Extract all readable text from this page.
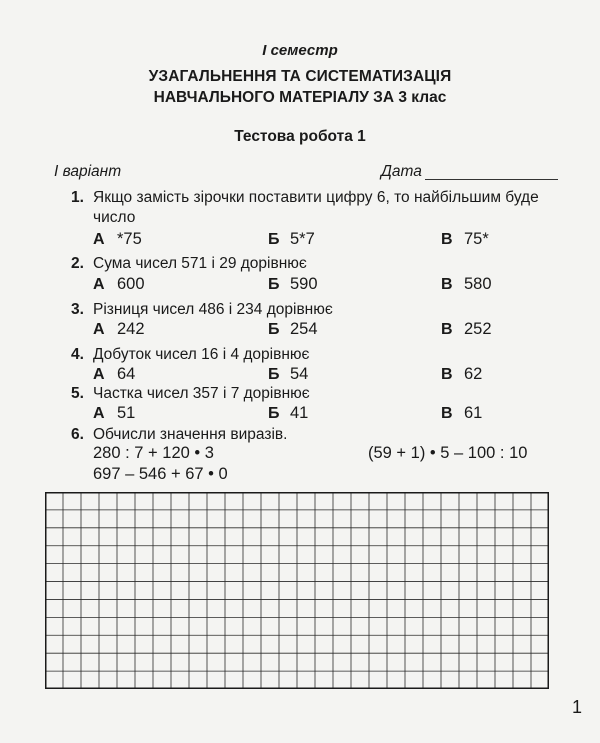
І семестр
УЗАГАЛЬНЕННЯ ТА СИСТЕМАТИЗАЦІЯ
НАВЧАЛЬНОГО МАТЕРІАЛУ ЗА 3 клас
Тестова робота 1
І варіант	Дата
1. Якщо замість зірочки поставити цифру 6, то найбільшим буде
число
А *75	Б 5*7	В 75*
2. Сума чисел 571 і 29 дорівнює
А 600	Б 590	В 580
3. Різниця чисел 486 і 234 дорівнює
А 242	Б 254	В 252
4. Добуток чисел 16 і 4 дорівнює
А 64	Б 54	В 62
5. Частка чисел 357 і 7 дорівнює
А 51	Б 41	В 61
6. Обчисли значення виразів.
280 : 7 + 120 • 3	(59 + 1) • 5 – 100 : 10
697 – 546 + 67 • 0
1
